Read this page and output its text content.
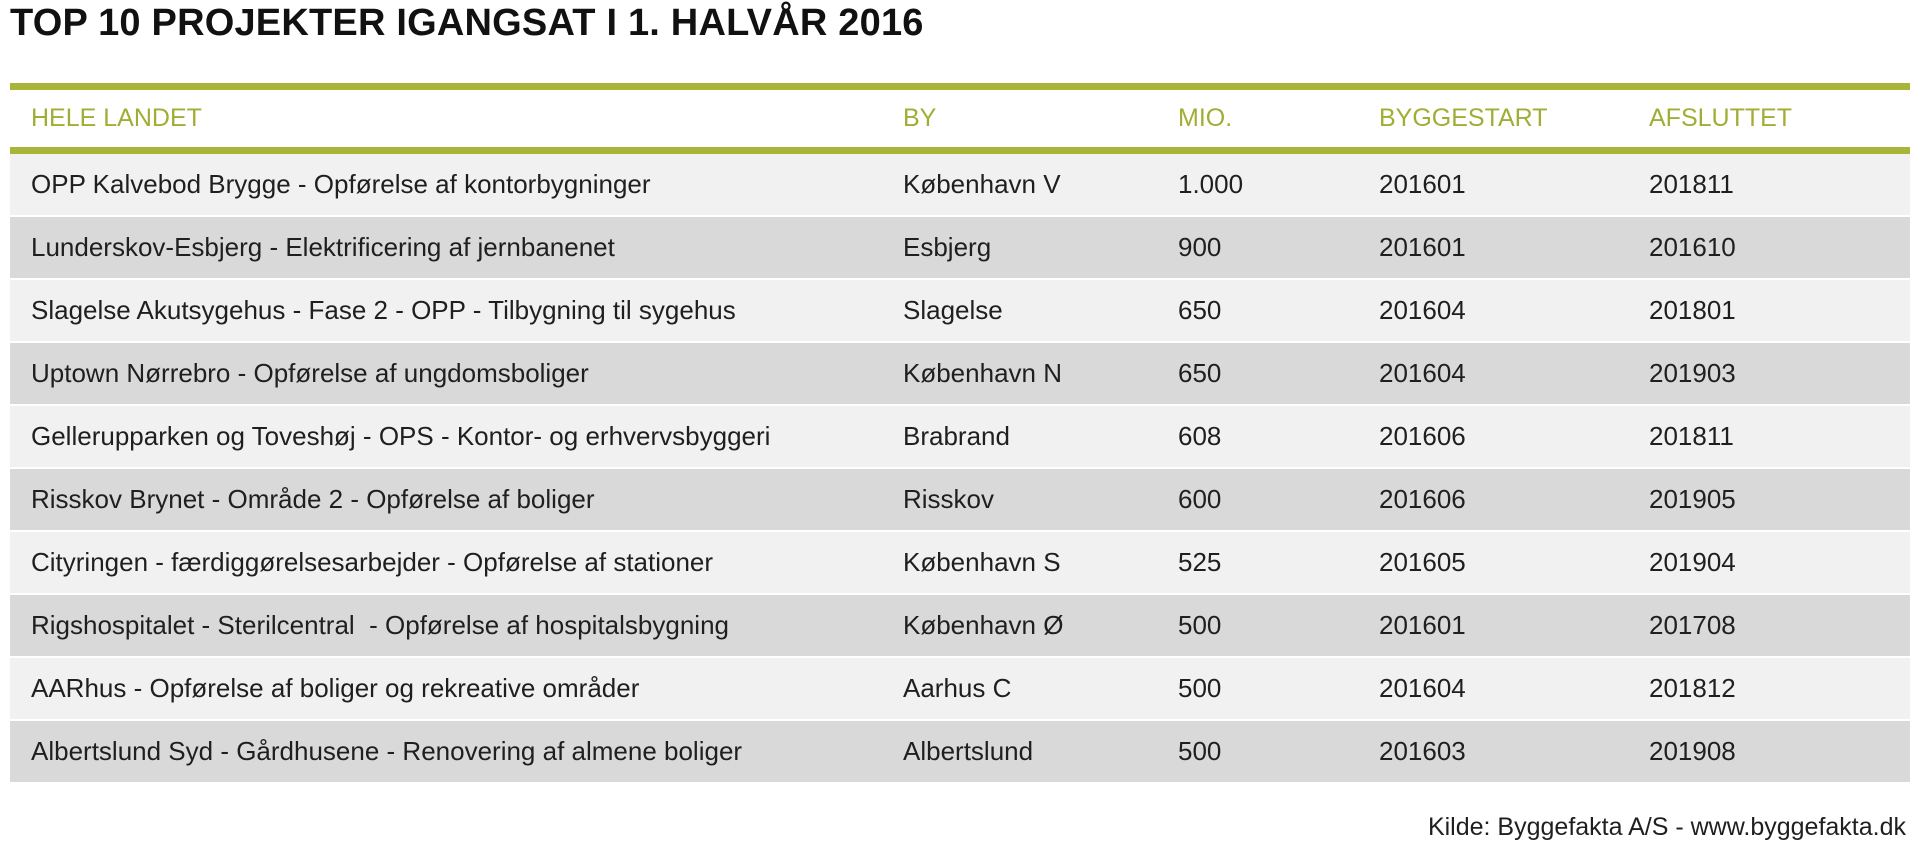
TOP 10 PROJEKTER IGANGSAT I 1. HALVÅR 2016
HELE LANDET	BY	MIO.	BYGGESTART	AFSLUTTET
OPP Kalvebod Brygge - Opførelse af kontorbygninger	København V	1.000	201601	201811
Lunderskov-Esbjerg - Elektrificering af jernbanenet	Esbjerg	900	201601	201610
Slagelse Akutsygehus - Fase 2 - OPP - Tilbygning til sygehus	Slagelse	650	201604	201801
Uptown Nørrebro - Opførelse af ungdomsboliger	København N	650	201604	201903
Gellerupparken og Toveshøj - OPS - Kontor- og erhvervsbyggeri	Brabrand	608	201606	201811
Risskov Brynet - Område 2 - Opførelse af boliger	Risskov	600	201606	201905
Cityringen - færdiggørelsesarbejder - Opførelse af stationer	København S	525	201605	201904
Rigshospitalet - Sterilcentral  - Opførelse af hospitalsbygning	København Ø	500	201601	201708
AARhus - Opførelse af boliger og rekreative områder	Aarhus C	500	201604	201812
Albertslund Syd - Gårdhusene - Renovering af almene boliger	Albertslund	500	201603	201908
Kilde: Byggefakta A/S - www.byggefakta.dk
